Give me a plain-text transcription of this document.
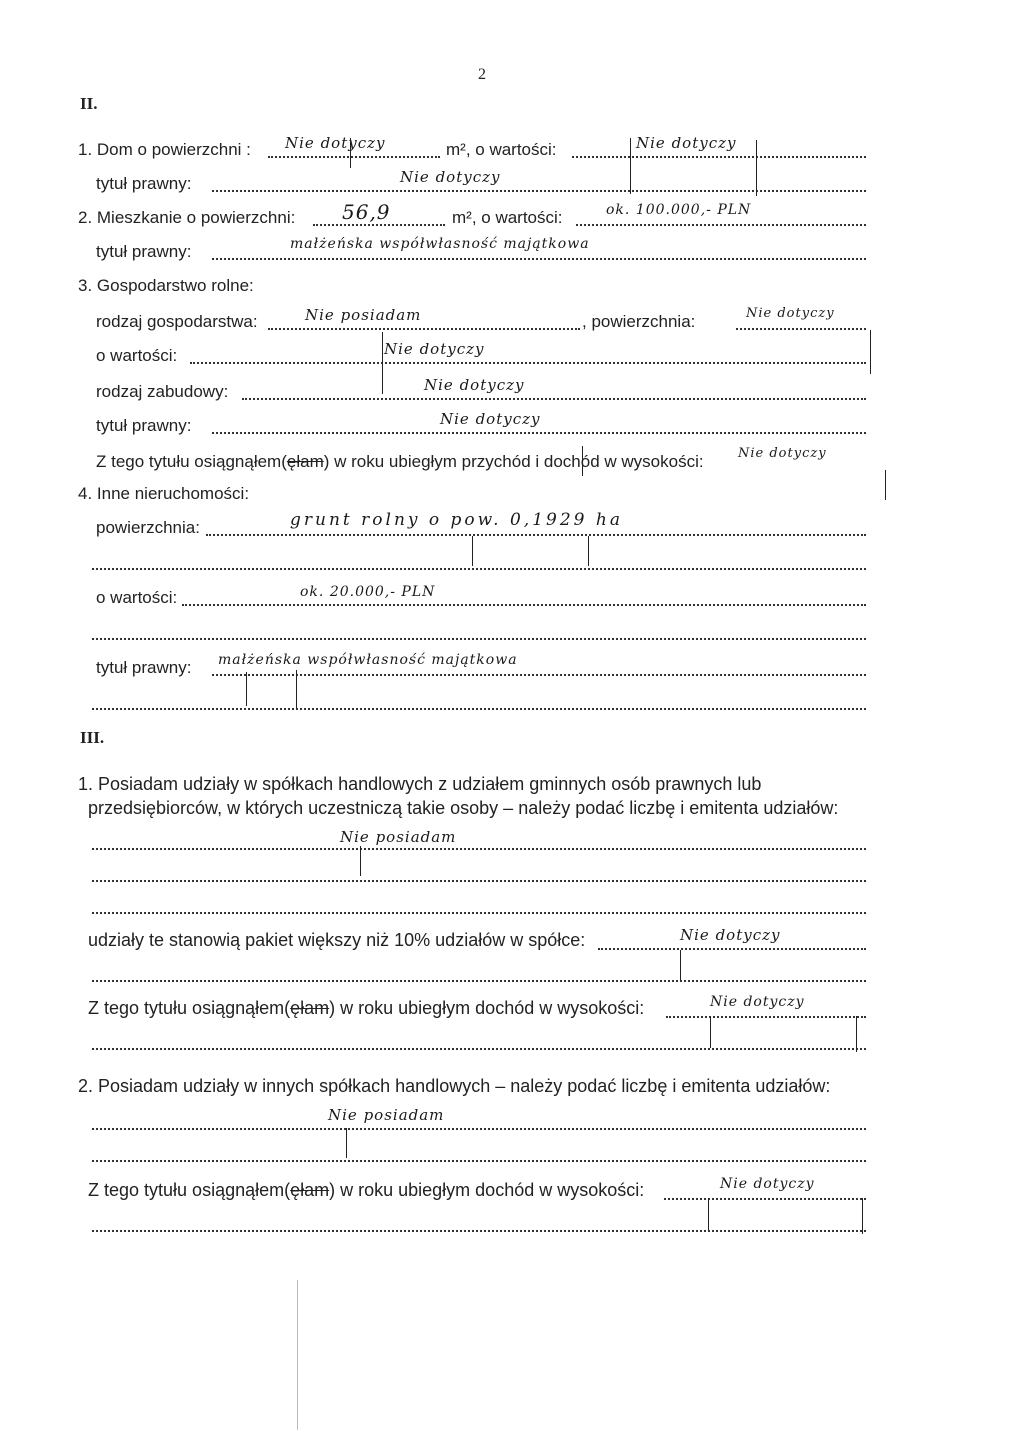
2
II.
1. Dom o powierzchni : Nie dotyczy	m², o wartości:	Nie dotyczy
tytuł prawny:	Nie dotyczy
2. Mieszkanie o powierzchni: 56,9	m², o wartości:	ok. 100.000,- PLN
tytuł prawny:	małżeńska współwłasność majątkowa
3. Gospodarstwo rolne:
rodzaj gospodarstwa:	Nie posiadam	, powierzchnia:	Nie dotyczy
o wartości:	Nie dotyczy
rodzaj zabudowy:	Nie dotyczy
tytuł prawny:	Nie dotyczy
Z tego tytułu osiągnąłem(ęłam) w roku ubiegłym przychód i dochód w wysokości:	Nie dotyczy
4. Inne nieruchomości:
powierzchnia:	grunt rolny o pow. 0,1929 ha
o wartości:	ok. 20.000,- PLN
tytuł prawny: małżeńska współwłasność majątkowa
III.
1. Posiadam udziały w spółkach handlowych z udziałem gminnych osób prawnych lub
przedsiębiorców, w których uczestniczą takie osoby – należy podać liczbę i emitenta udziałów:
Nie posiadam
udziały te stanowią pakiet większy niż 10% udziałów w spółce:	Nie dotyczy
Z tego tytułu osiągnąłem(ęłam) w roku ubiegłym dochód w wysokości:	Nie dotyczy
2. Posiadam udziały w innych spółkach handlowych – należy podać liczbę i emitenta udziałów:
Nie posiadam
Z tego tytułu osiągnąłem(ęłam) w roku ubiegłym dochód w wysokości:	Nie dotyczy
